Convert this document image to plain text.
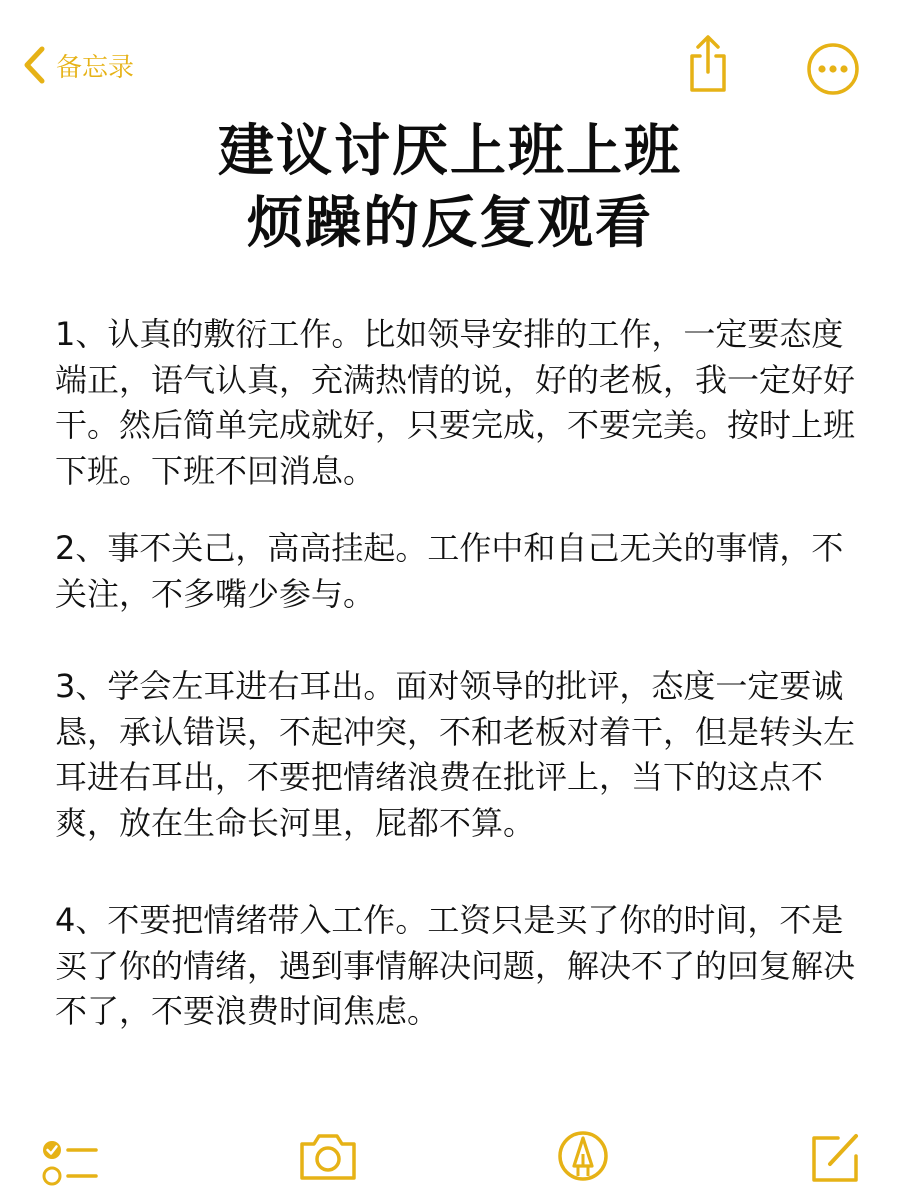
备忘录
建议讨厌上班上班
烦躁的反复观看
1、认真的敷衍工作。比如领导安排的工作，一定要态度端正，语气认真，充满热情的说，好的老板，我一定好好干。然后简单完成就好，只要完成，不要完美。按时上班下班。下班不回消息。
2、事不关己，高高挂起。工作中和自己无关的事情，不关注，不多嘴少参与。
3、学会左耳进右耳出。面对领导的批评，态度一定要诚恳，承认错误，不起冲突，不和老板对着干，但是转头左耳进右耳出，不要把情绪浪费在批评上，当下的这点不爽，放在生命长河里，屁都不算。
4、不要把情绪带入工作。工资只是买了你的时间，不是买了你的情绪，遇到事情解决问题，解决不了的回复解决不了，不要浪费时间焦虑。
